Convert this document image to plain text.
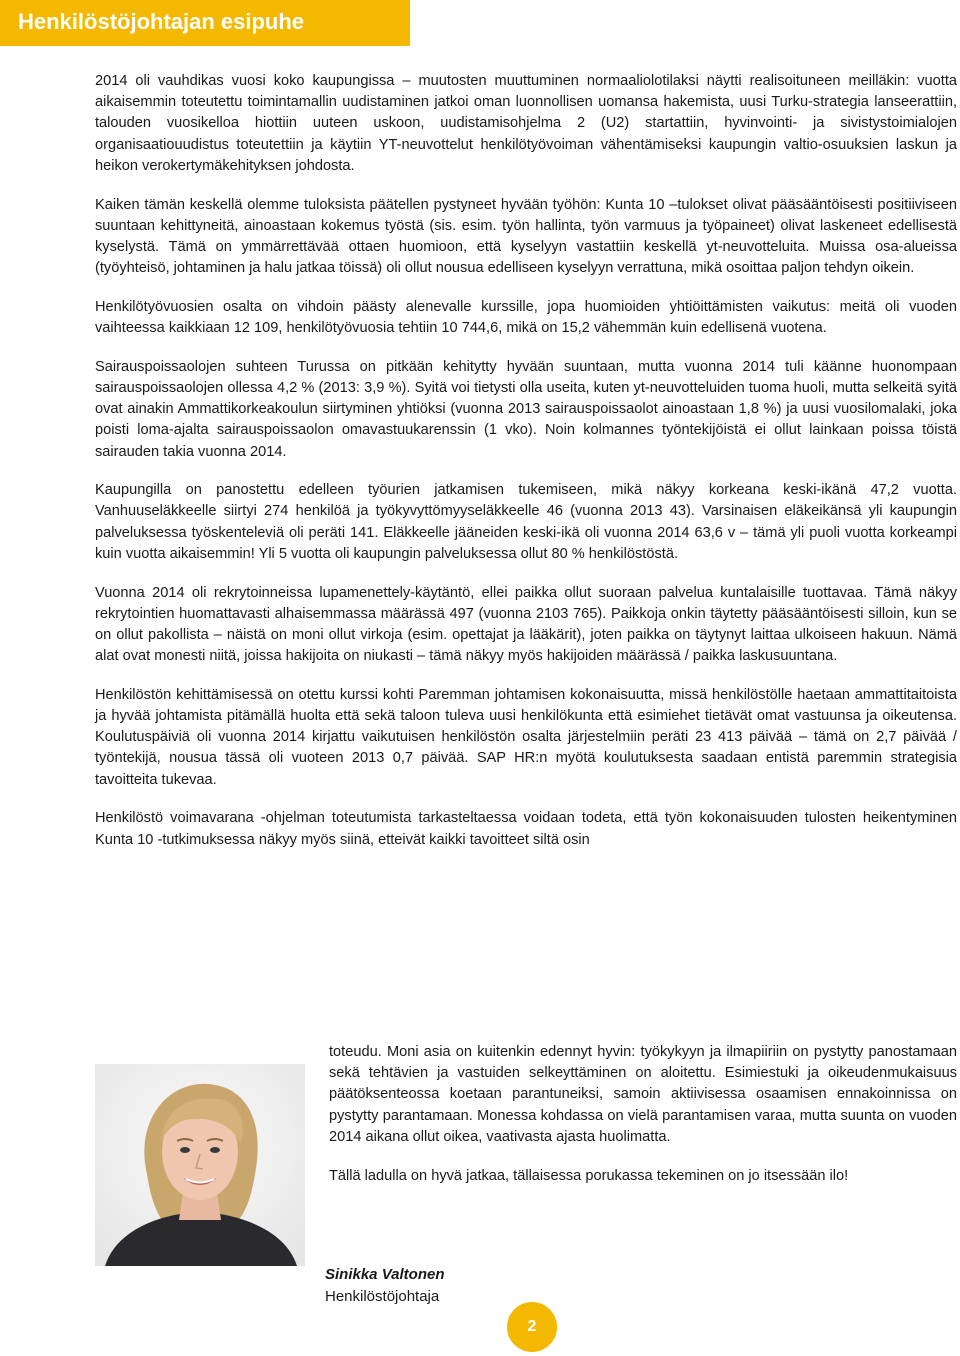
Henkilöstöjohtajan esipuhe

2014 oli vauhdikas vuosi koko kaupungissa – muutosten muuttuminen normaaliolotilaksi näytti realisoituneen meilläkin: vuotta aikaisemmin toteutettu toimintamallin uudistaminen jatkoi oman luonnollisen uomansa hakemista, uusi Turku-strategia lanseerattiin, talouden vuosikelloa hiottiin uuteen uskoon, uudistamisohjelma 2 (U2) startattiin, hyvinvointi- ja sivistystoimialojen organisaatiouudistus toteutettiin ja käytiin YT-neuvottelut henkilötyövoiman vähentämiseksi kaupungin valtio-osuuksien laskun ja heikon verokertymäkehityksen johdosta.

Kaiken tämän keskellä olemme tuloksista päätellen pystyneet hyvään työhön: Kunta 10 –tulokset olivat pääsääntöisesti positiiviseen suuntaan kehittyneitä, ainoastaan kokemus työstä (sis. esim. työn hallinta, työn varmuus ja työpaineet) olivat laskeneet edellisestä kyselystä. Tämä on ymmärrettävää ottaen huomioon, että kyselyyn vastattiin keskellä yt-neuvotteluita. Muissa osa-alueissa (työyhteisö, johtaminen ja halu jatkaa töissä) oli ollut nousua edelliseen kyselyyn verrattuna, mikä osoittaa paljon tehdyn oikein.

Henkilötyövuosien osalta on vihdoin päästy alenevalle kurssille, jopa huomioiden yhtiöittämisten vaikutus: meitä oli vuoden vaihteessa kaikkiaan 12 109, henkilötyövuosia tehtiin 10 744,6, mikä on 15,2 vähemmän kuin edellisenä vuotena.

Sairauspoissaolojen suhteen Turussa on pitkään kehitytty hyvään suuntaan, mutta vuonna 2014 tuli käänne huonompaan sairauspoissaolojen ollessa 4,2 % (2013: 3,9 %). Syitä voi tietysti olla useita, kuten yt-neuvotteluiden tuoma huoli, mutta selkeitä syitä ovat ainakin Ammattikorkeakoulun siirtyminen yhtiöksi (vuonna 2013 sairauspoissaolot ainoastaan 1,8 %) ja uusi vuosilomalaki, joka poisti loma-ajalta sairauspoissaolon omavastuukarenssin (1 vko). Noin kolmannes työntekijöistä ei ollut lainkaan poissa töistä sairauden takia vuonna 2014.

Kaupungilla on panostettu edelleen työurien jatkamisen tukemiseen, mikä näkyy korkeana keski-ikänä 47,2 vuotta. Vanhuuseläkkeelle siirtyi 274 henkilöä ja työkyvyttömyyseläkkeelle 46 (vuonna 2013 43). Varsinaisen eläkeikänsä yli kaupungin palveluksessa työskenteleviä oli peräti 141. Eläkkeelle jääneiden keski-ikä oli vuonna 2014 63,6 v – tämä yli puoli vuotta korkeampi kuin vuotta aikaisemmin! Yli 5 vuotta oli kaupungin palveluksessa ollut 80 % henkilöstöstä.

Vuonna 2014 oli rekrytoinneissa lupamenettely-käytäntö, ellei paikka ollut suoraan palvelua kuntalaisille tuottavaa. Tämä näkyy rekrytointien huomattavasti alhaisemmassa määrässä 497 (vuonna 2103 765). Paikkoja onkin täytetty pääsääntöisesti silloin, kun se on ollut pakollista – näistä on moni ollut virkoja (esim. opettajat ja lääkärit), joten paikka on täytynyt laittaa ulkoiseen hakuun. Nämä alat ovat monesti niitä, joissa hakijoita on niukasti – tämä näkyy myös hakijoiden määrässä / paikka laskusuuntana.

Henkilöstön kehittämisessä on otettu kurssi kohti Paremman johtamisen kokonaisuutta, missä henkilöstölle haetaan ammattitaitoista ja hyvää johtamista pitämällä huolta että sekä taloon tuleva uusi henkilökunta että esimiehet tietävät omat vastuunsa ja oikeutensa. Koulutuspäiviä oli vuonna 2014 kirjattu vaikutuisen henkilöstön osalta järjestelmiin peräti 23 413 päivää – tämä on 2,7 päivää / työntekijä, nousua tässä oli vuoteen 2013 0,7 päivää. SAP HR:n myötä koulutuksesta saadaan entistä paremmin strategisia tavoitteita tukevaa.

Henkilöstö voimavarana -ohjelman toteutumista tarkasteltaessa voidaan todeta, että työn kokonaisuuden tulosten heikentyminen Kunta 10 -tutkimuksessa näkyy myös siinä, etteivät kaikki tavoitteet siltä osin

toteudu. Moni asia on kuitenkin edennyt hyvin: työkykyyn ja ilmapiiriin on pystytty panostamaan sekä tehtävien ja vastuiden selkeyttäminen on aloitettu. Esimiestuki ja oikeudenmukaisuus päätöksenteossa koetaan parantuneiksi, samoin aktiivisessa osaamisen ennakoinnissa on pystytty parantamaan. Monessa kohdassa on vielä parantamisen varaa, mutta suunta on vuoden 2014 aikana ollut oikea, vaativasta ajasta huolimatta.

Tällä ladulla on hyvä jatkaa, tällaisessa porukassa tekeminen on jo itsessään ilo!

Sinikka Valtonen
Henkilöstöjohtaja
2
